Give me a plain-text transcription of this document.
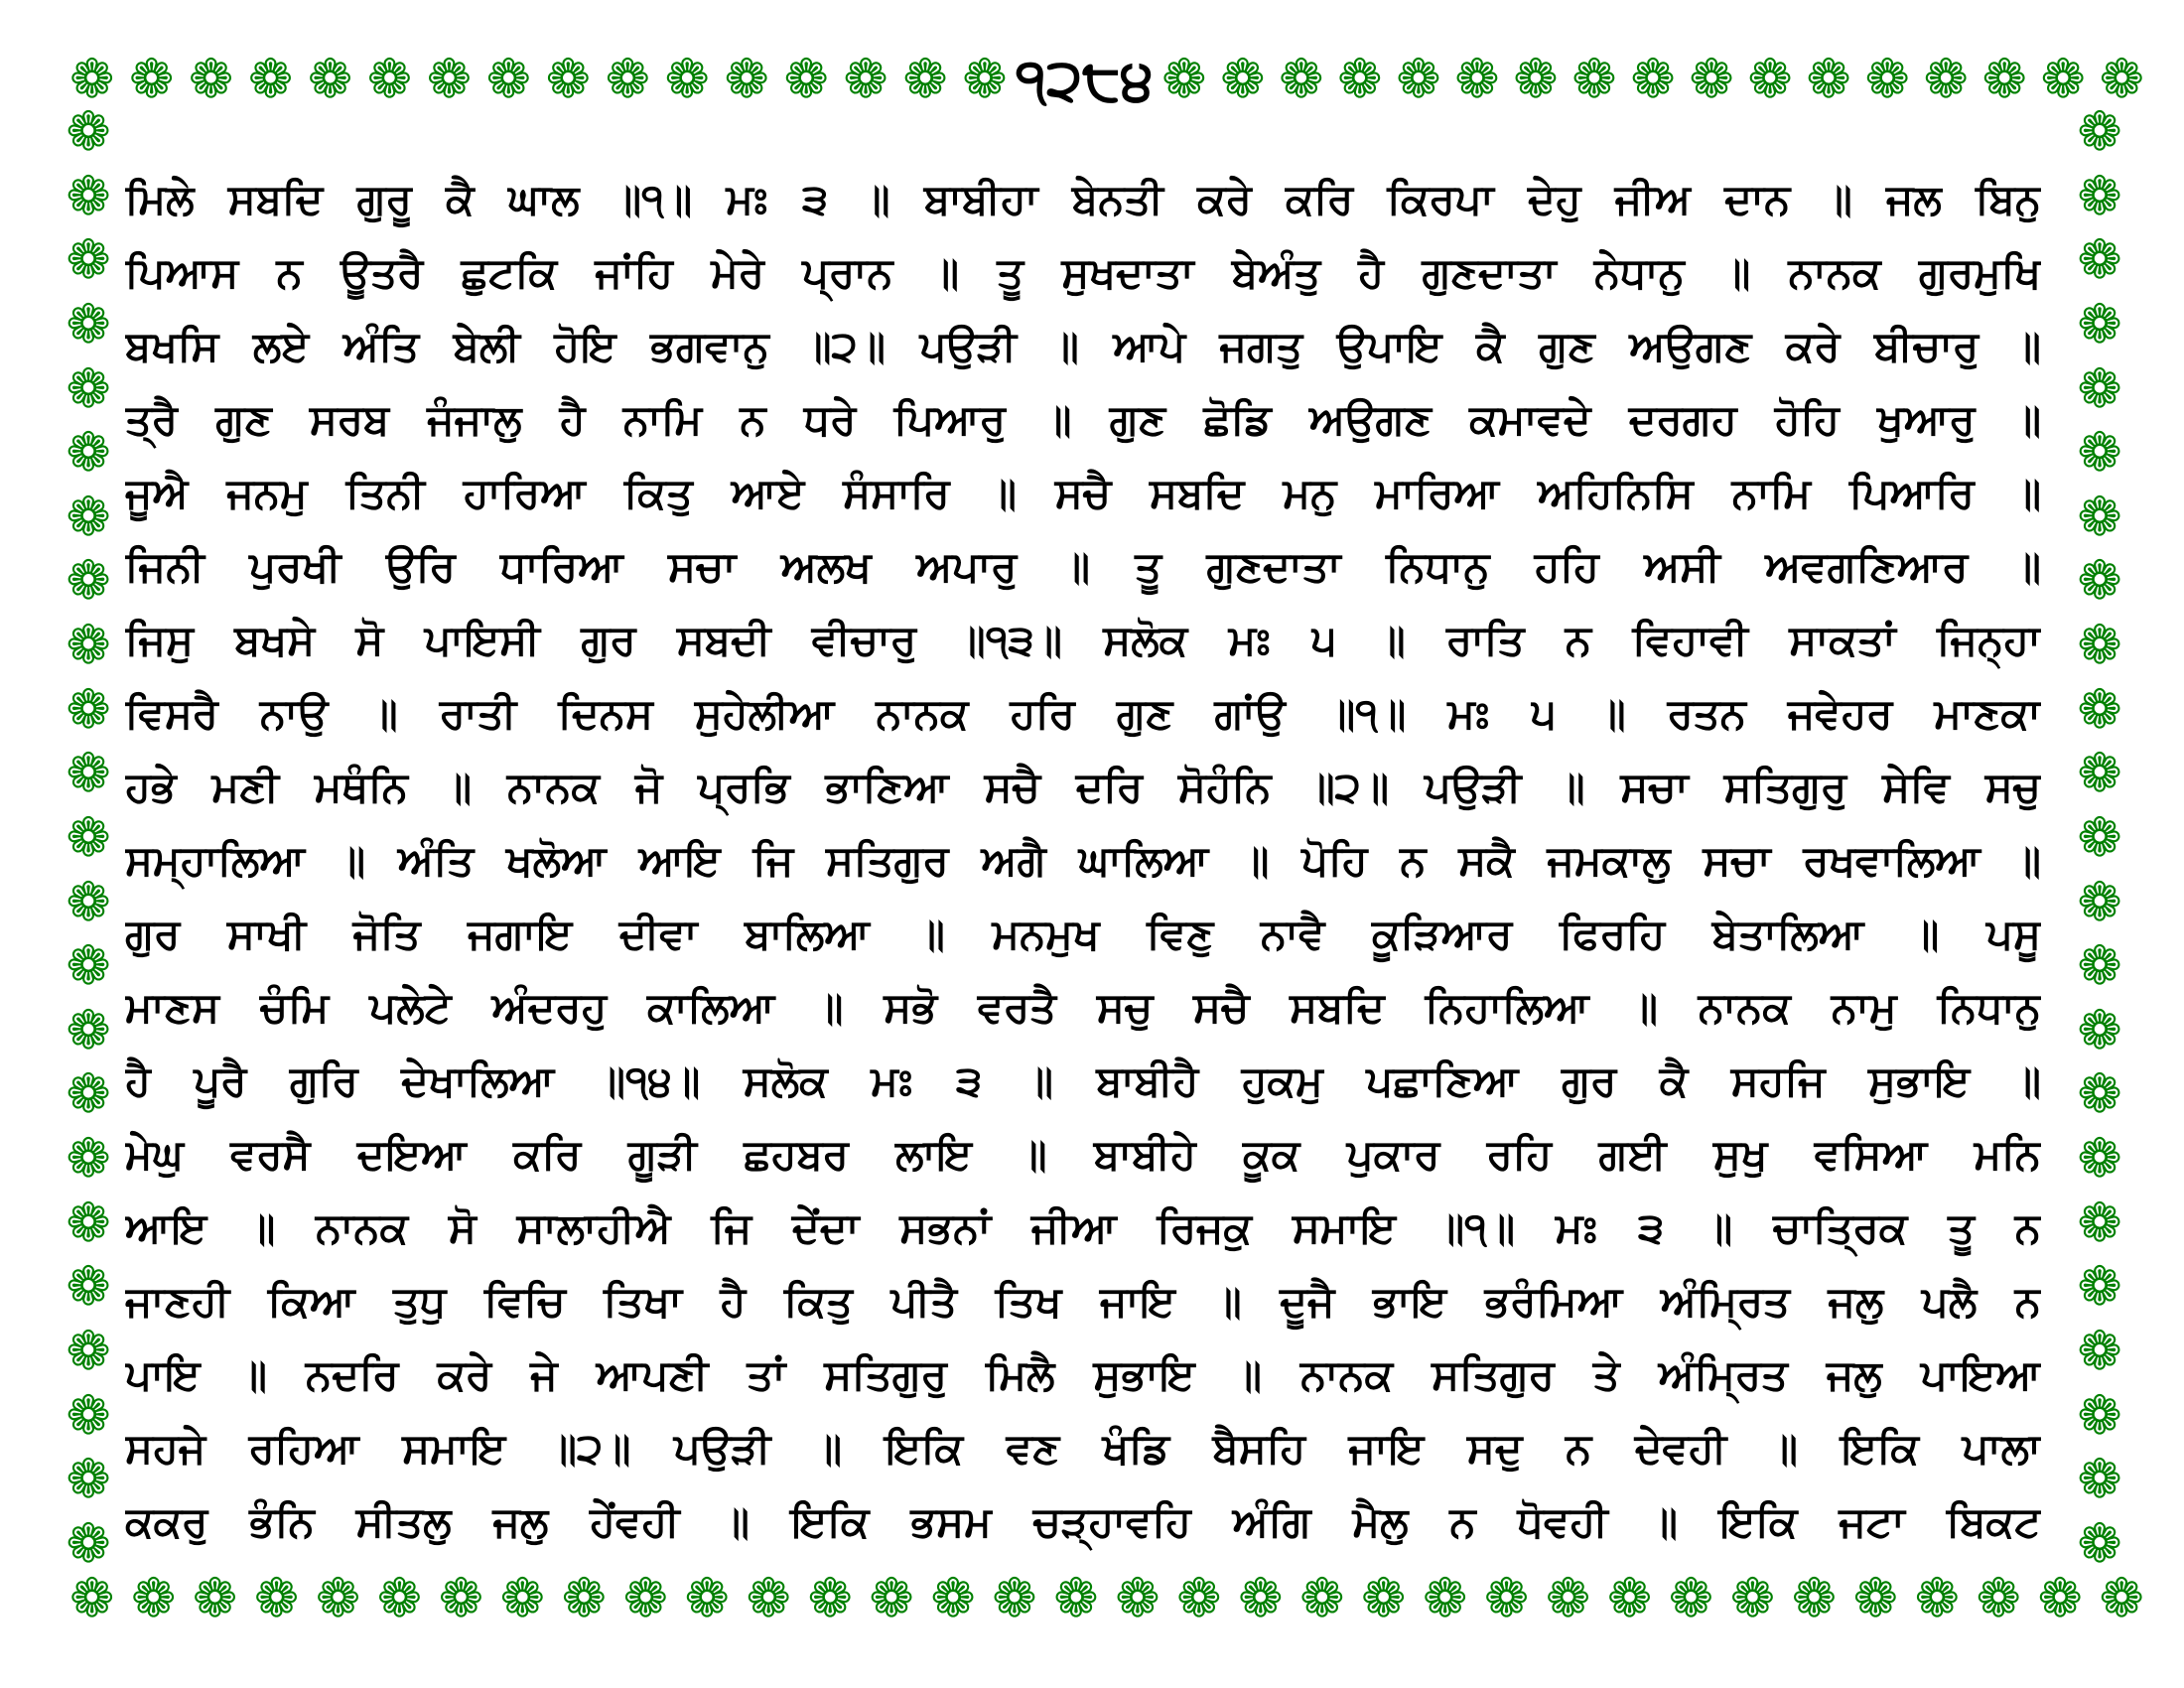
❁ ❁ ❁ ❁ ❁ ❁ ❁ ❁ ❁ ❁ ❁ ❁ ❁ ❁ ❁ ❁ ੧੨੮੪ ❁ ❁ ❁ ❁ ❁ ❁ ❁ ❁ ❁ ❁ ❁ ❁ ❁ ❁ ❁ ❁ ❁
❁
❁
❁
❁
❁
❁
❁
❁
❁
❁
❁
❁
❁
❁
❁
❁
❁
❁
❁
❁
❁
❁
❁
❁
❁
❁
❁
❁
❁
❁
❁
❁
❁
❁
❁
❁
❁
❁
❁
❁
❁
❁
❁
❁
❁
❁
❁ ❁ ❁ ❁ ❁ ❁ ❁ ❁ ❁ ❁ ❁ ❁ ❁ ❁ ❁ ❁ ❁ ❁ ❁ ❁ ❁ ❁ ❁ ❁ ❁ ❁ ❁ ❁ ❁ ❁ ❁ ❁ ❁ ❁
ਮਿਲੇ ਸਬਦਿ ਗੁਰੂ ਕੈ ਘਾਲ ॥੧॥ ਮਃ ੩ ॥ ਬਾਬੀਹਾ ਬੇਨਤੀ ਕਰੇ ਕਰਿ ਕਿਰਪਾ ਦੇਹੁ ਜੀਅ ਦਾਨ ॥ ਜਲ ਬਿਨੁ
ਪਿਆਸ ਨ ਊਤਰੈ ਛੁਟਕਿ ਜਾਂਹਿ ਮੇਰੇ ਪ੍ਰਾਨ ॥ ਤੂ ਸੁਖਦਾਤਾ ਬੇਅੰਤੁ ਹੈ ਗੁਣਦਾਤਾ ਨੇਧਾਨੁ ॥ ਨਾਨਕ ਗੁਰਮੁਖਿ
ਬਖਸਿ ਲਏ ਅੰਤਿ ਬੇਲੀ ਹੋਇ ਭਗਵਾਨੁ ॥੨॥ ਪਉੜੀ ॥ ਆਪੇ ਜਗਤੁ ਉਪਾਇ ਕੈ ਗੁਣ ਅਉਗਣ ਕਰੇ ਬੀਚਾਰੁ ॥
ਤ੍ਰੈ ਗੁਣ ਸਰਬ ਜੰਜਾਲੁ ਹੈ ਨਾਮਿ ਨ ਧਰੇ ਪਿਆਰੁ ॥ ਗੁਣ ਛੋਡਿ ਅਉਗਣ ਕਮਾਵਦੇ ਦਰਗਹ ਹੋਹਿ ਖੁਆਰੁ ॥
ਜੂਐ ਜਨਮੁ ਤਿਨੀ ਹਾਰਿਆ ਕਿਤੁ ਆਏ ਸੰਸਾਰਿ ॥ ਸਚੈ ਸਬਦਿ ਮਨੁ ਮਾਰਿਆ ਅਹਿਨਿਸਿ ਨਾਮਿ ਪਿਆਰਿ ॥
ਜਿਨੀ ਪੁਰਖੀ ਉਰਿ ਧਾਰਿਆ ਸਚਾ ਅਲਖ ਅਪਾਰੁ ॥ ਤੂ ਗੁਣਦਾਤਾ ਨਿਧਾਨੁ ਹਹਿ ਅਸੀ ਅਵਗਣਿਆਰ ॥
ਜਿਸੁ ਬਖਸੇ ਸੋ ਪਾਇਸੀ ਗੁਰ ਸਬਦੀ ਵੀਚਾਰੁ ॥੧੩॥ ਸਲੋਕ ਮਃ ੫ ॥ ਰਾਤਿ ਨ ਵਿਹਾਵੀ ਸਾਕਤਾਂ ਜਿਨ੍ਹਾ
ਵਿਸਰੈ ਨਾਉ ॥ ਰਾਤੀ ਦਿਨਸ ਸੁਹੇਲੀਆ ਨਾਨਕ ਹਰਿ ਗੁਣ ਗਾਂਉ ॥੧॥ ਮਃ ੫ ॥ ਰਤਨ ਜਵੇਹਰ ਮਾਣਕਾ
ਹਭੇ ਮਣੀ ਮਥੰਨਿ ॥ ਨਾਨਕ ਜੋ ਪ੍ਰਭਿ ਭਾਣਿਆ ਸਚੈ ਦਰਿ ਸੋਹੰਨਿ ॥੨॥ ਪਉੜੀ ॥ ਸਚਾ ਸਤਿਗੁਰੁ ਸੇਵਿ ਸਚੁ
ਸਮ੍ਹਾਲਿਆ ॥ ਅੰਤਿ ਖਲੋਆ ਆਇ ਜਿ ਸਤਿਗੁਰ ਅਗੈ ਘਾਲਿਆ ॥ ਪੋਹਿ ਨ ਸਕੈ ਜਮਕਾਲੁ ਸਚਾ ਰਖਵਾਲਿਆ ॥
ਗੁਰ ਸਾਖੀ ਜੋਤਿ ਜਗਾਇ ਦੀਵਾ ਬਾਲਿਆ ॥ ਮਨਮੁਖ ਵਿਣੁ ਨਾਵੈ ਕੂੜਿਆਰ ਫਿਰਹਿ ਬੇਤਾਲਿਆ ॥ ਪਸੂ
ਮਾਣਸ ਚੰਮਿ ਪਲੇਟੇ ਅੰਦਰਹੁ ਕਾਲਿਆ ॥ ਸਭੋ ਵਰਤੈ ਸਚੁ ਸਚੈ ਸਬਦਿ ਨਿਹਾਲਿਆ ॥ ਨਾਨਕ ਨਾਮੁ ਨਿਧਾਨੁ
ਹੈ ਪੂਰੈ ਗੁਰਿ ਦੇਖਾਲਿਆ ॥੧੪॥ ਸਲੋਕ ਮਃ ੩ ॥ ਬਾਬੀਹੈ ਹੁਕਮੁ ਪਛਾਣਿਆ ਗੁਰ ਕੈ ਸਹਜਿ ਸੁਭਾਇ ॥
ਮੇਘੁ ਵਰਸੈ ਦਇਆ ਕਰਿ ਗੂੜੀ ਛਹਬਰ ਲਾਇ ॥ ਬਾਬੀਹੇ ਕੂਕ ਪੁਕਾਰ ਰਹਿ ਗਈ ਸੁਖੁ ਵਸਿਆ ਮਨਿ
ਆਇ ॥ ਨਾਨਕ ਸੋ ਸਾਲਾਹੀਐ ਜਿ ਦੇਂਦਾ ਸਭਨਾਂ ਜੀਆ ਰਿਜਕੁ ਸਮਾਇ ॥੧॥ ਮਃ ੩ ॥ ਚਾਤ੍ਰਿਕ ਤੂ ਨ
ਜਾਣਹੀ ਕਿਆ ਤੁਧੁ ਵਿਚਿ ਤਿਖਾ ਹੈ ਕਿਤੁ ਪੀਤੈ ਤਿਖ ਜਾਇ ॥ ਦੂਜੈ ਭਾਇ ਭਰੰਮਿਆ ਅੰਮ੍ਰਿਤ ਜਲੁ ਪਲੈ ਨ
ਪਾਇ ॥ ਨਦਰਿ ਕਰੇ ਜੇ ਆਪਣੀ ਤਾਂ ਸਤਿਗੁਰੁ ਮਿਲੈ ਸੁਭਾਇ ॥ ਨਾਨਕ ਸਤਿਗੁਰ ਤੇ ਅੰਮ੍ਰਿਤ ਜਲੁ ਪਾਇਆ
ਸਹਜੇ ਰਹਿਆ ਸਮਾਇ ॥੨॥ ਪਉੜੀ ॥ ਇਕਿ ਵਣ ਖੰਡਿ ਬੈਸਹਿ ਜਾਇ ਸਦੁ ਨ ਦੇਵਹੀ ॥ ਇਕਿ ਪਾਲਾ
ਕਕਰੁ ਭੰਨਿ ਸੀਤਲੁ ਜਲੁ ਹੇਂਵਹੀ ॥ ਇਕਿ ਭਸਮ ਚੜ੍ਹਾਵਹਿ ਅੰਗਿ ਮੈਲੁ ਨ ਧੋਵਹੀ ॥ ਇਕਿ ਜਟਾ ਬਿਕਟ
